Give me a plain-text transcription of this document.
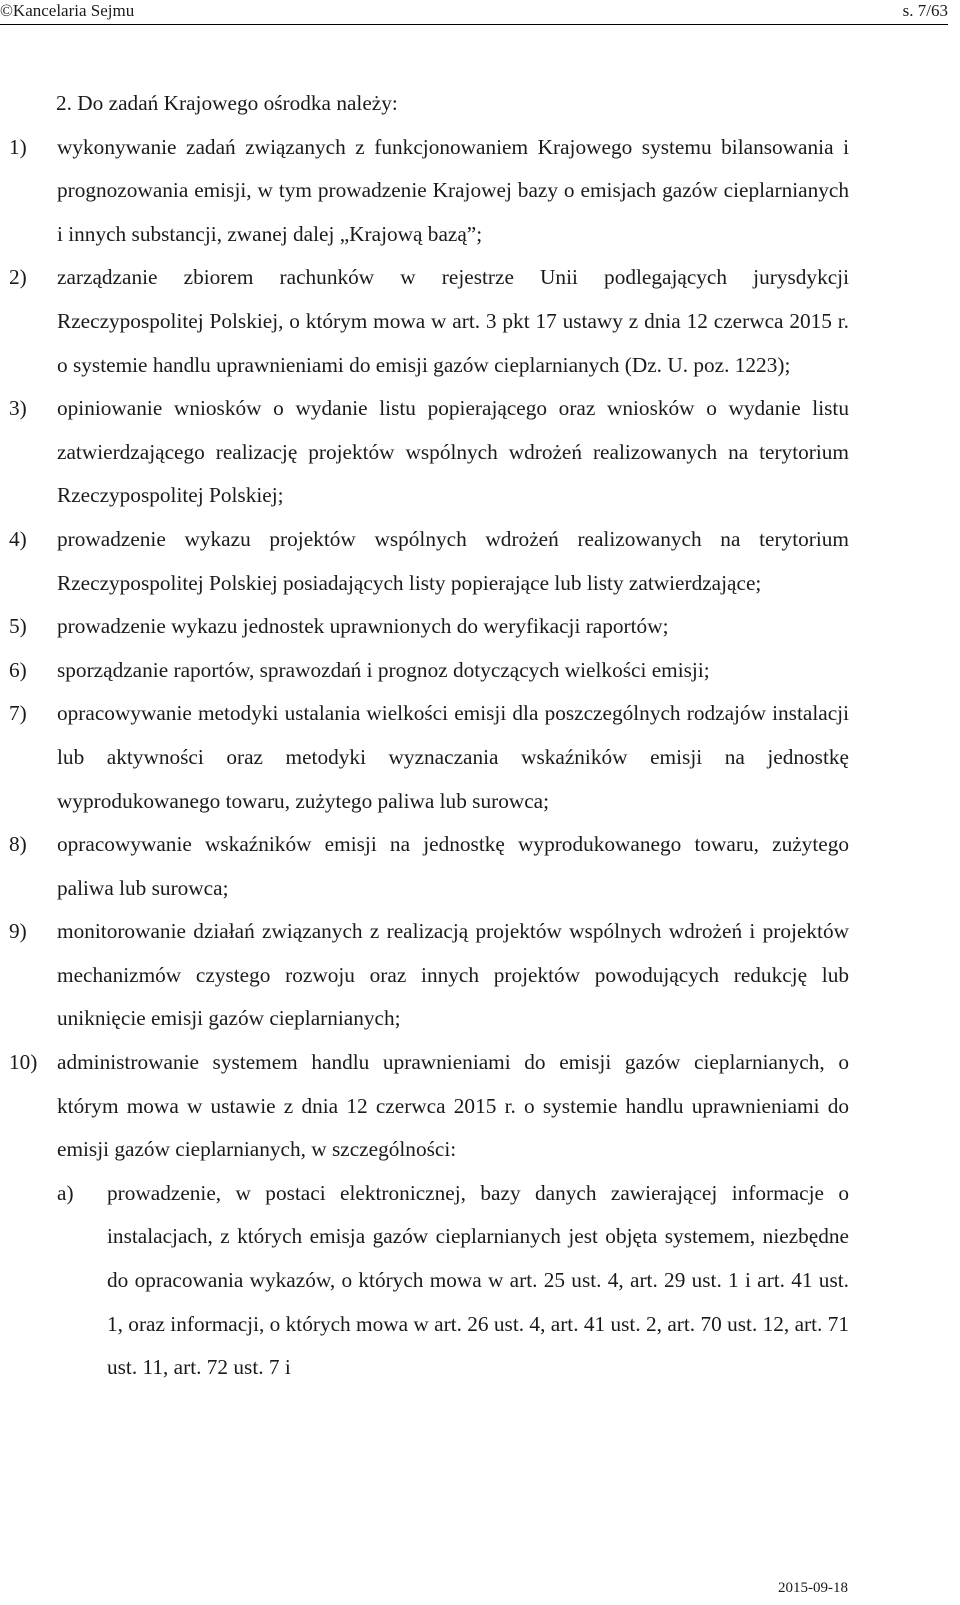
©Kancelaria Sejmu	s. 7/63
2. Do zadań Krajowego ośrodka należy:
1)	wykonywanie zadań związanych z funkcjonowaniem Krajowego systemu bilansowania i prognozowania emisji, w tym prowadzenie Krajowej bazy o emisjach gazów cieplarnianych i innych substancji, zwanej dalej „Krajową bazą”;
2)	zarządzanie zbiorem rachunków w rejestrze Unii podlegających jurysdykcji Rzeczypospolitej Polskiej, o którym mowa w art. 3 pkt 17 ustawy z dnia 12 czerwca 2015 r. o systemie handlu uprawnieniami do emisji gazów cieplarnianych (Dz. U. poz. 1223);
3)	opiniowanie wniosków o wydanie listu popierającego oraz wniosków o wydanie listu zatwierdzającego realizację projektów wspólnych wdrożeń realizowanych na terytorium Rzeczypospolitej Polskiej;
4)	prowadzenie wykazu projektów wspólnych wdrożeń realizowanych na terytorium Rzeczypospolitej Polskiej posiadających listy popierające lub listy zatwierdzające;
5)	prowadzenie wykazu jednostek uprawnionych do weryfikacji raportów;
6)	sporządzanie raportów, sprawozdań i prognoz dotyczących wielkości emisji;
7)	opracowywanie metodyki ustalania wielkości emisji dla poszczególnych rodzajów instalacji lub aktywności oraz metodyki wyznaczania wskaźników emisji na jednostkę wyprodukowanego towaru, zużytego paliwa lub surowca;
8)	opracowywanie wskaźników emisji na jednostkę wyprodukowanego towaru, zużytego paliwa lub surowca;
9)	monitorowanie działań związanych z realizacją projektów wspólnych wdrożeń i projektów mechanizmów czystego rozwoju oraz innych projektów powodujących redukcję lub uniknięcie emisji gazów cieplarnianych;
10) administrowanie systemem handlu uprawnieniami do emisji gazów cieplarnianych, o którym mowa w ustawie z dnia 12 czerwca 2015 r. o systemie handlu uprawnieniami do emisji gazów cieplarnianych, w szczególności:
a)	prowadzenie, w postaci elektronicznej, bazy danych zawierającej informacje o instalacjach, z których emisja gazów cieplarnianych jest objęta systemem, niezbędne do opracowania wykazów, o których mowa w art. 25 ust. 4, art. 29 ust. 1 i art. 41 ust. 1, oraz informacji, o których mowa w art. 26 ust. 4, art. 41 ust. 2, art. 70 ust. 12, art. 71 ust. 11, art. 72 ust. 7 i
2015-09-18
